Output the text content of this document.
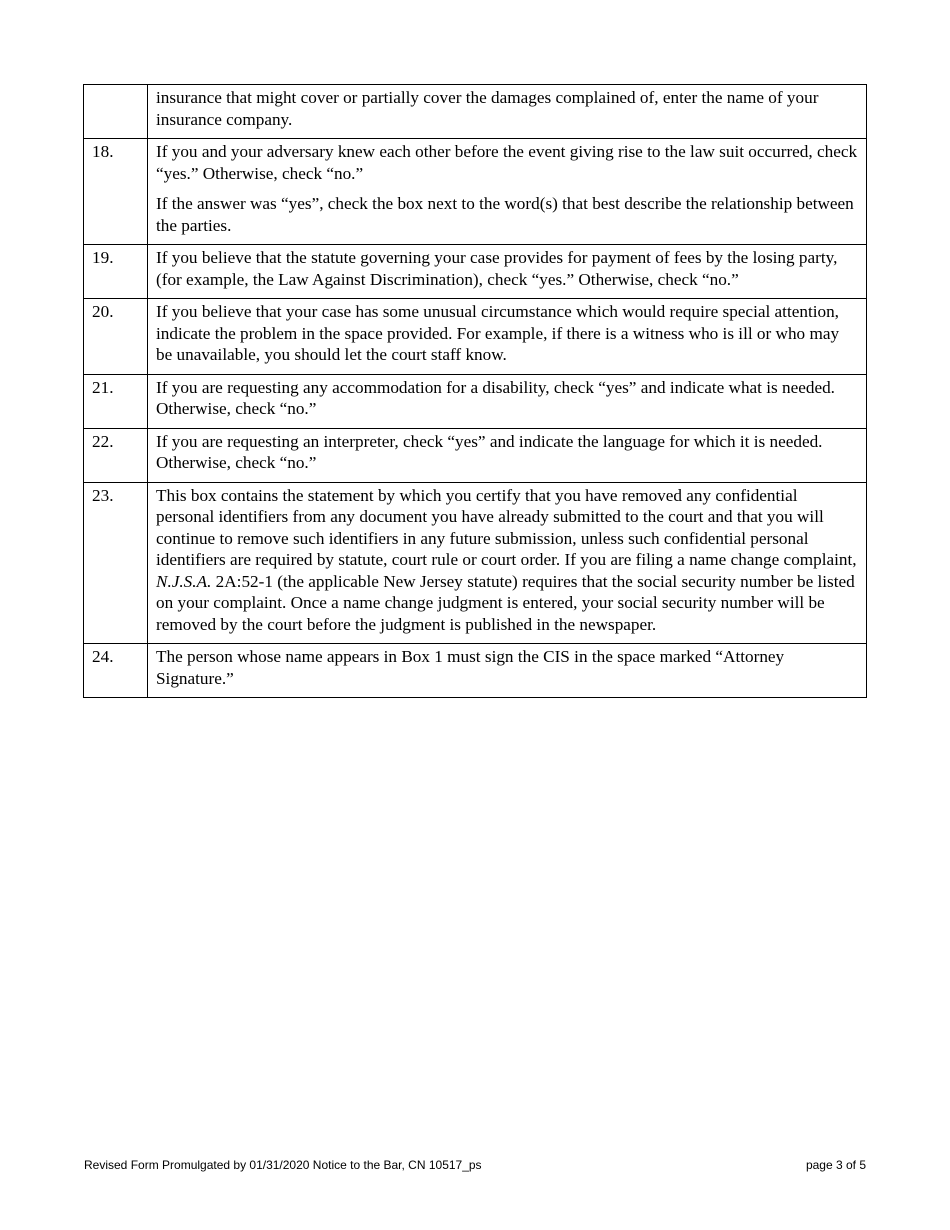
	insurance that might cover or partially cover the damages complained of, enter the name of your insurance company.

18.	If you and your adversary knew each other before the event giving rise to the law suit occurred, check “yes.” Otherwise, check “no.”

If the answer was “yes”, check the box next to the word(s) that best describe the relationship between the parties.

19.	If you believe that the statute governing your case provides for payment of fees by the losing party, (for example, the Law Against Discrimination), check “yes.” Otherwise, check “no.”

20.	If you believe that your case has some unusual circumstance which would require special attention, indicate the problem in the space provided. For example, if there is a witness who is ill or who may be unavailable, you should let the court staff know.

21.	If you are requesting any accommodation for a disability, check “yes” and indicate what is needed. Otherwise, check “no.”

22.	If you are requesting an interpreter, check “yes” and indicate the language for which it is needed. Otherwise, check “no.”

23.	This box contains the statement by which you certify that you have removed any confidential personal identifiers from any document you have already submitted to the court and that you will continue to remove such identifiers in any future submission, unless such confidential personal identifiers are required by statute, court rule or court order. If you are filing a name change complaint, N.J.S.A. 2A:52-1 (the applicable New Jersey statute) requires that the social security number be listed on your complaint. Once a name change judgment is entered, your social security number will be removed by the court before the judgment is published in the newspaper.

24.	The person whose name appears in Box 1 must sign the CIS in the space marked “Attorney Signature.”

Revised Form Promulgated by 01/31/2020 Notice to the Bar, CN 10517_ps	page 3 of 5
